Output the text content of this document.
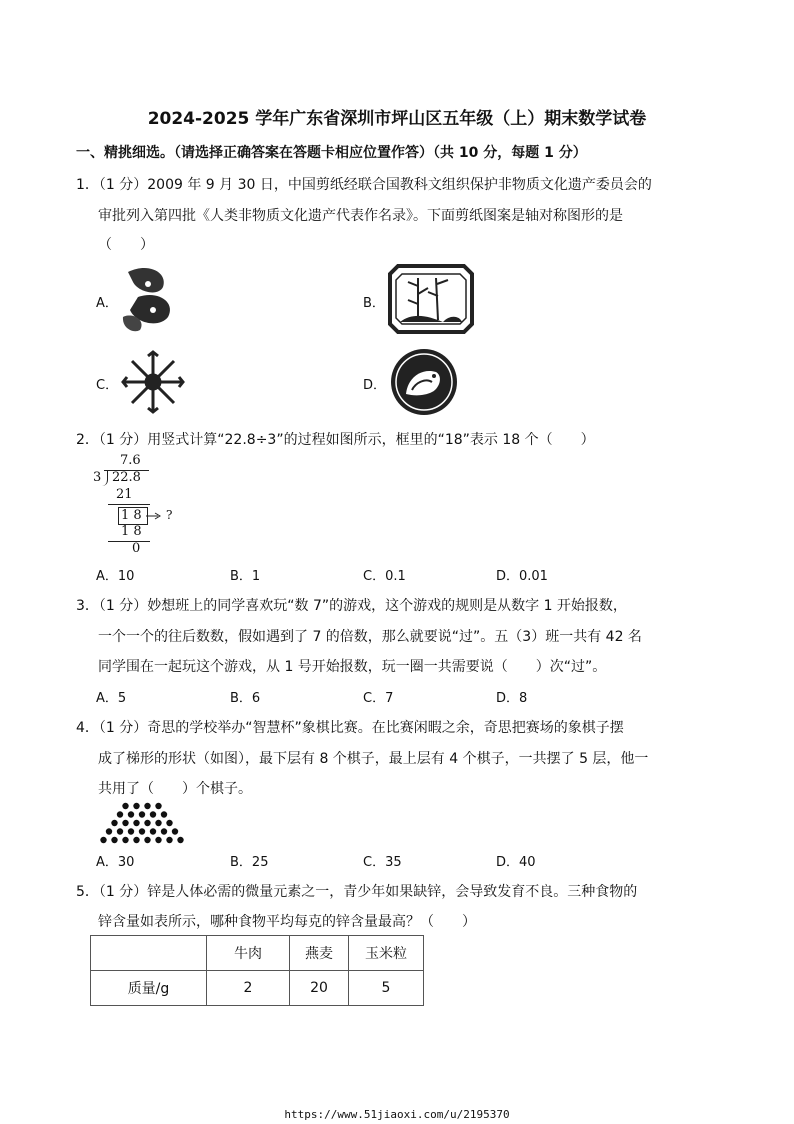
2024-2025 学年广东省深圳市坪山区五年级（上）期末数学试卷
一、精挑细选。（请选择正确答案在答题卡相应位置作答）（共 10 分，每题 1 分）
1．（1 分）2009 年 9 月 30 日，中国剪纸经联合国教科文组织保护非物质文化遗产委员会的
审批列入第四批《人类非物质文化遗产代表作名录》。下面剪纸图案是轴对称图形的是
（　　）
A．	B．
C．	D．
2．（1 分）用竖式计算“22.8÷3”的过程如图所示，框里的“18”表示 18 个（　　）
7.6
3 22.8
21
1 8 ?
1 8
0
A．10	B．1	C．0.1	D．0.01
3．（1 分）妙想班上的同学喜欢玩“数 7”的游戏，这个游戏的规则是从数字 1 开始报数，
一个一个的往后数数，假如遇到了 7 的倍数，那么就要说“过”。五（3）班一共有 42 名
同学围在一起玩这个游戏，从 1 号开始报数，玩一圈一共需要说（　　）次“过”。
A．5	B．6	C．7	D．8
4．（1 分）奇思的学校举办“智慧杯”象棋比赛。在比赛闲暇之余，奇思把赛场的象棋子摆
成了梯形的形状（如图），最下层有 8 个棋子，最上层有 4 个棋子，一共摆了 5 层，他一
共用了（　　）个棋子。
A．30	B．25	C．35	D．40
5．（1 分）锌是人体必需的微量元素之一，青少年如果缺锌，会导致发育不良。三种食物的
锌含量如表所示，哪种食物平均每克的锌含量最高？（　　）
	牛肉	燕麦	玉米粒
质量/g	2	20	5
https://www.51jiaoxi.com/u/2195370
